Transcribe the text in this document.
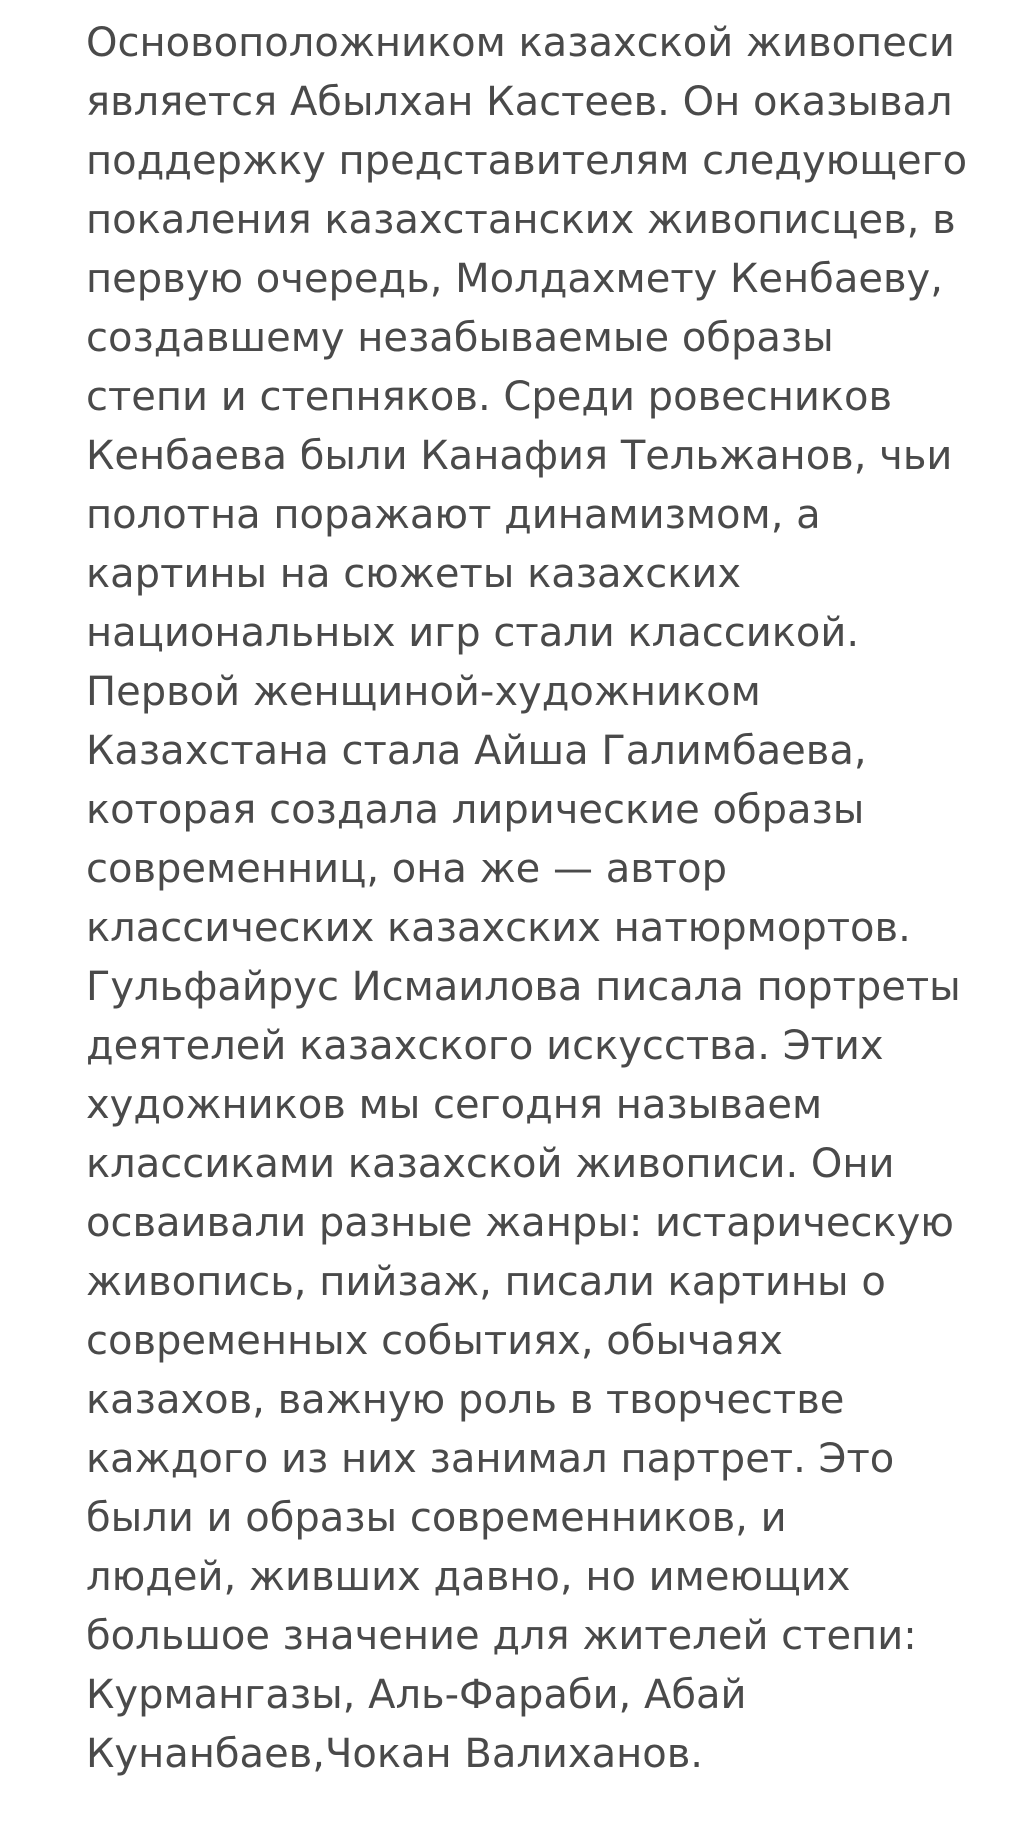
Основоположником казахской живопеси
является Абылхан Кастеев. Он оказывал
поддержку представителям следующего
покаления казахстанских живописцев, в
первую очередь, Молдахмету Кенбаеву,
создавшему незабываемые образы
степи и степняков. Среди ровесников
Кенбаева были Канафия Тельжанов, чьи
полотна поражают динамизмом, а
картины на сюжеты казахских
национальных игр стали классикой.
Первой женщиной-художником
Казахстана стала Айша Галимбаева,
которая создала лирические образы
современниц, она же — автор
классических казахских натюрмортов.
Гульфайрус Исмаилова писала портреты
деятелей казахского искусства. Этих
художников мы сегодня называем
классиками казахской живописи. Они
осваивали разные жанры: истарическую
живопись, пийзаж, писали картины о
современных событиях, обычаях
казахов, важную роль в творчестве
каждого из них занимал партрет. Это
были и образы современников, и
людей, живших давно, но имеющих
большое значение для жителей степи:
Курмангазы, Аль-Фараби, Абай
Кунанбаев,Чокан Валиханов.
